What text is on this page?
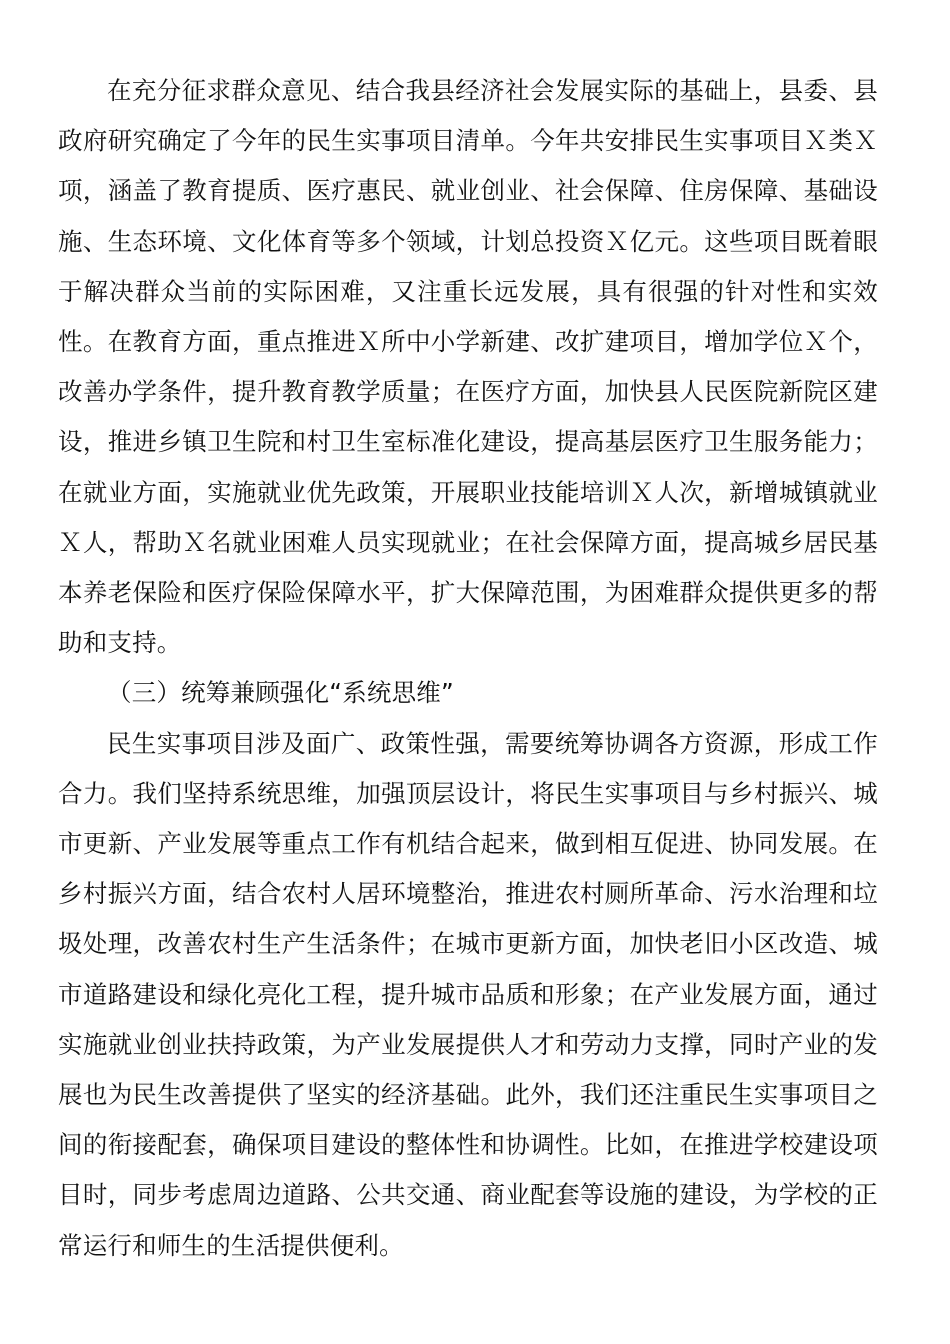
在充分征求群众意见、结合我县经济社会发展实际的基础上，县委、县政府研究确定了今年的民生实事项目清单。今年共安排民生实事项目Ｘ类Ｘ项，涵盖了教育提质、医疗惠民、就业创业、社会保障、住房保障、基础设施、生态环境、文化体育等多个领域，计划总投资Ｘ亿元。这些项目既着眼于解决群众当前的实际困难，又注重长远发展，具有很强的针对性和实效性。在教育方面，重点推进Ｘ所中小学新建、改扩建项目，增加学位Ｘ个，改善办学条件，提升教育教学质量；在医疗方面，加快县人民医院新院区建设，推进乡镇卫生院和村卫生室标准化建设，提高基层医疗卫生服务能力；在就业方面，实施就业优先政策，开展职业技能培训Ｘ人次，新增城镇就业Ｘ人，帮助Ｘ名就业困难人员实现就业；在社会保障方面，提高城乡居民基本养老保险和医疗保险保障水平，扩大保障范围，为困难群众提供更多的帮助和支持。

（三）统筹兼顾强化“系统思维”

民生实事项目涉及面广、政策性强，需要统筹协调各方资源，形成工作合力。我们坚持系统思维，加强顶层设计，将民生实事项目与乡村振兴、城市更新、产业发展等重点工作有机结合起来，做到相互促进、协同发展。在乡村振兴方面，结合农村人居环境整治，推进农村厕所革命、污水治理和垃圾处理，改善农村生产生活条件；在城市更新方面，加快老旧小区改造、城市道路建设和绿化亮化工程，提升城市品质和形象；在产业发展方面，通过实施就业创业扶持政策，为产业发展提供人才和劳动力支撑，同时产业的发展也为民生改善提供了坚实的经济基础。此外，我们还注重民生实事项目之间的衔接配套，确保项目建设的整体性和协调性。比如，在推进学校建设项目时，同步考虑周边道路、公共交通、商业配套等设施的建设，为学校的正常运行和师生的生活提供便利。
